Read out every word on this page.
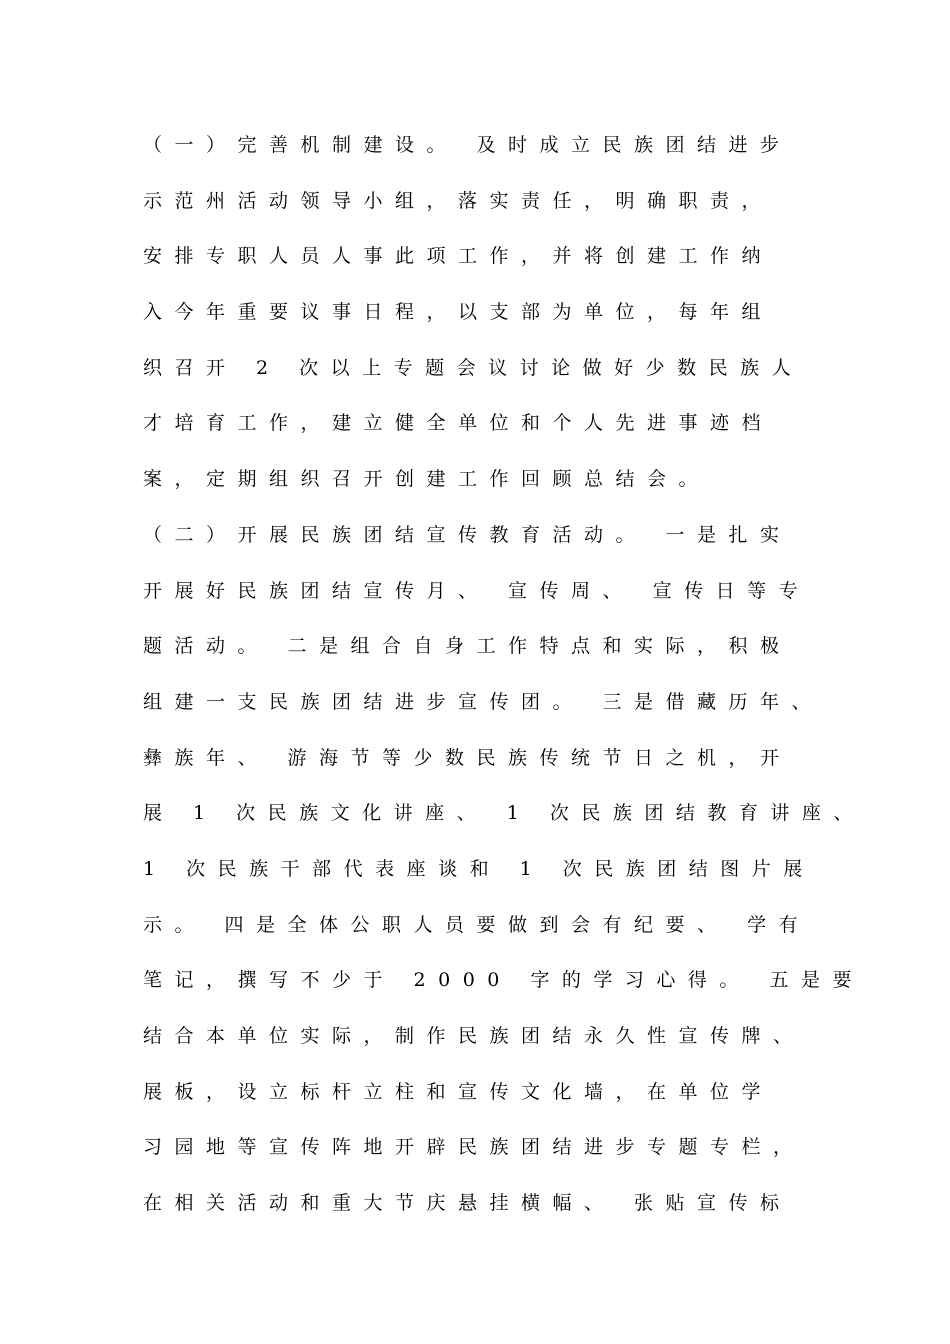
（一）完善机制建设。 及时成立民族团结进步
示范州活动领导小组，落实责任，明确职责，
安排专职人员人事此项工作，并将创建工作纳
入今年重要议事日程，以支部为单位，每年组
织召开 2 次以上专题会议讨论做好少数民族人
才培育工作，建立健全单位和个人先进事迹档
案，定期组织召开创建工作回顾总结会。
（二）开展民族团结宣传教育活动。 一是扎实
开展好民族团结宣传月、 宣传周、 宣传日等专
题活动。 二是组合自身工作特点和实际，积极
组建一支民族团结进步宣传团。 三是借藏历年、
彝族年、 游海节等少数民族传统节日之机，开
展 1 次民族文化讲座、 1 次民族团结教育讲座、
1 次民族干部代表座谈和 1 次民族团结图片展
示。 四是全体公职人员要做到会有纪要、 学有
笔记，撰写不少于 2000 字的学习心得。 五是要
结合本单位实际，制作民族团结永久性宣传牌、
展板，设立标杆立柱和宣传文化墙，在单位学
习园地等宣传阵地开辟民族团结进步专题专栏，
在相关活动和重大节庆悬挂横幅、 张贴宣传标
